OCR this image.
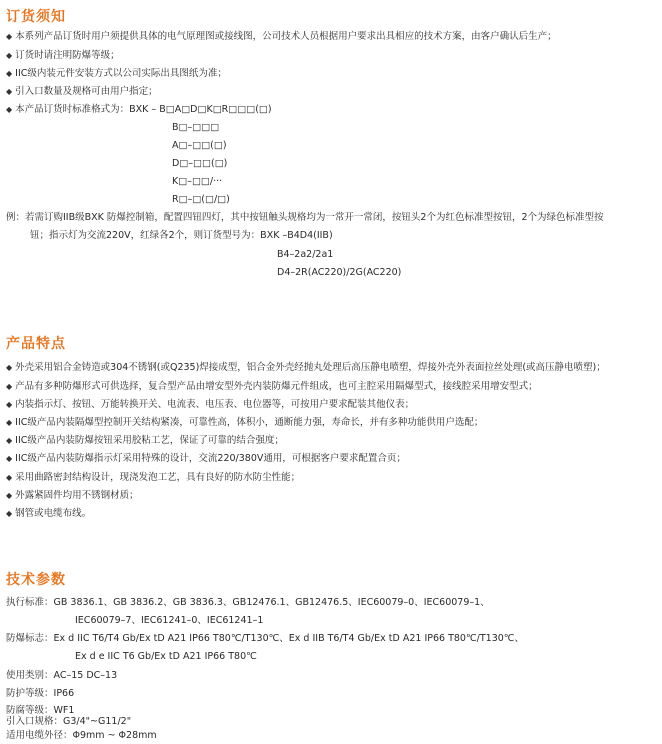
订货须知
◆ 本系列产品订货时用户须提供具体的电气原理图或接线图，公司技术人员根据用户要求出具相应的技术方案，由客户确认后生产；
◆ 订货时请注明防爆等级；
◆ IIC级内装元件安装方式以公司实际出具图纸为准；
◆ 引入口数量及规格可由用户指定；
◆ 本产品订货时标准格式为：BXK – B□A□D□K□R□□□(□)
B□–□□□
A□–□□(□)
D□–□□(□)
K□–□□/···
R□–□(□/□)
例：若需订购IIB级BXK 防爆控制箱，配置四钮四灯，其中按钮触头规格均为一常开一常闭，按钮头2个为红色标准型按钮，2个为绿色标准型按
钮；指示灯为交流220V，红绿各2个，则订货型号为：BXK –B4D4(IIB)
B4–2a2/2a1
D4–2R(AC220)/2G(AC220)
产品特点
◆ 外壳采用铝合金铸造或304不锈钢(或Q235)焊接成型，铝合金外壳经抛丸处理后高压静电喷塑，焊接外壳外表面拉丝处理(或高压静电喷塑)；
◆ 产品有多种防爆形式可供选择，复合型产品由增安型外壳内装防爆元件组成，也可主腔采用隔爆型式，接线腔采用增安型式；
◆ 内装指示灯、按钮、万能转换开关、电流表、电压表、电位器等，可按用户要求配装其他仪表；
◆ IIC级产品内装隔爆型控制开关结构紧凑，可靠性高，体积小，通断能力强，寿命长，并有多种功能供用户选配；
◆ IIC级产品内装防爆按钮采用胶粘工艺，保证了可靠的结合强度；
◆ IIC级产品内装防爆指示灯采用特殊的设计，交流220/380V通用，可根据客户要求配置合页；
◆ 采用曲路密封结构设计，现浇发泡工艺，具有良好的防水防尘性能；
◆ 外露紧固件均用不锈钢材质；
◆ 钢管或电缆布线。
技术参数
执行标准：GB 3836.1、GB 3836.2、GB 3836.3、GB12476.1、GB12476.5、IEC60079–0、IEC60079–1、
IEC60079–7、IEC61241–0、IEC61241–1
防爆标志：Ex d IIC T6/T4 Gb/Ex tD A21 IP66 T80℃/T130℃、Ex d IIB T6/T4 Gb/Ex tD A21 IP66 T80℃/T130℃、
Ex d e IIC T6 Gb/Ex tD A21 IP66 T80℃
使用类别：AC–15 DC–13
防护等级：IP66
防腐等级：WF1
引入口规格：G3/4"~G11/2"
适用电缆外径：Φ9mm ~ Φ28mm
